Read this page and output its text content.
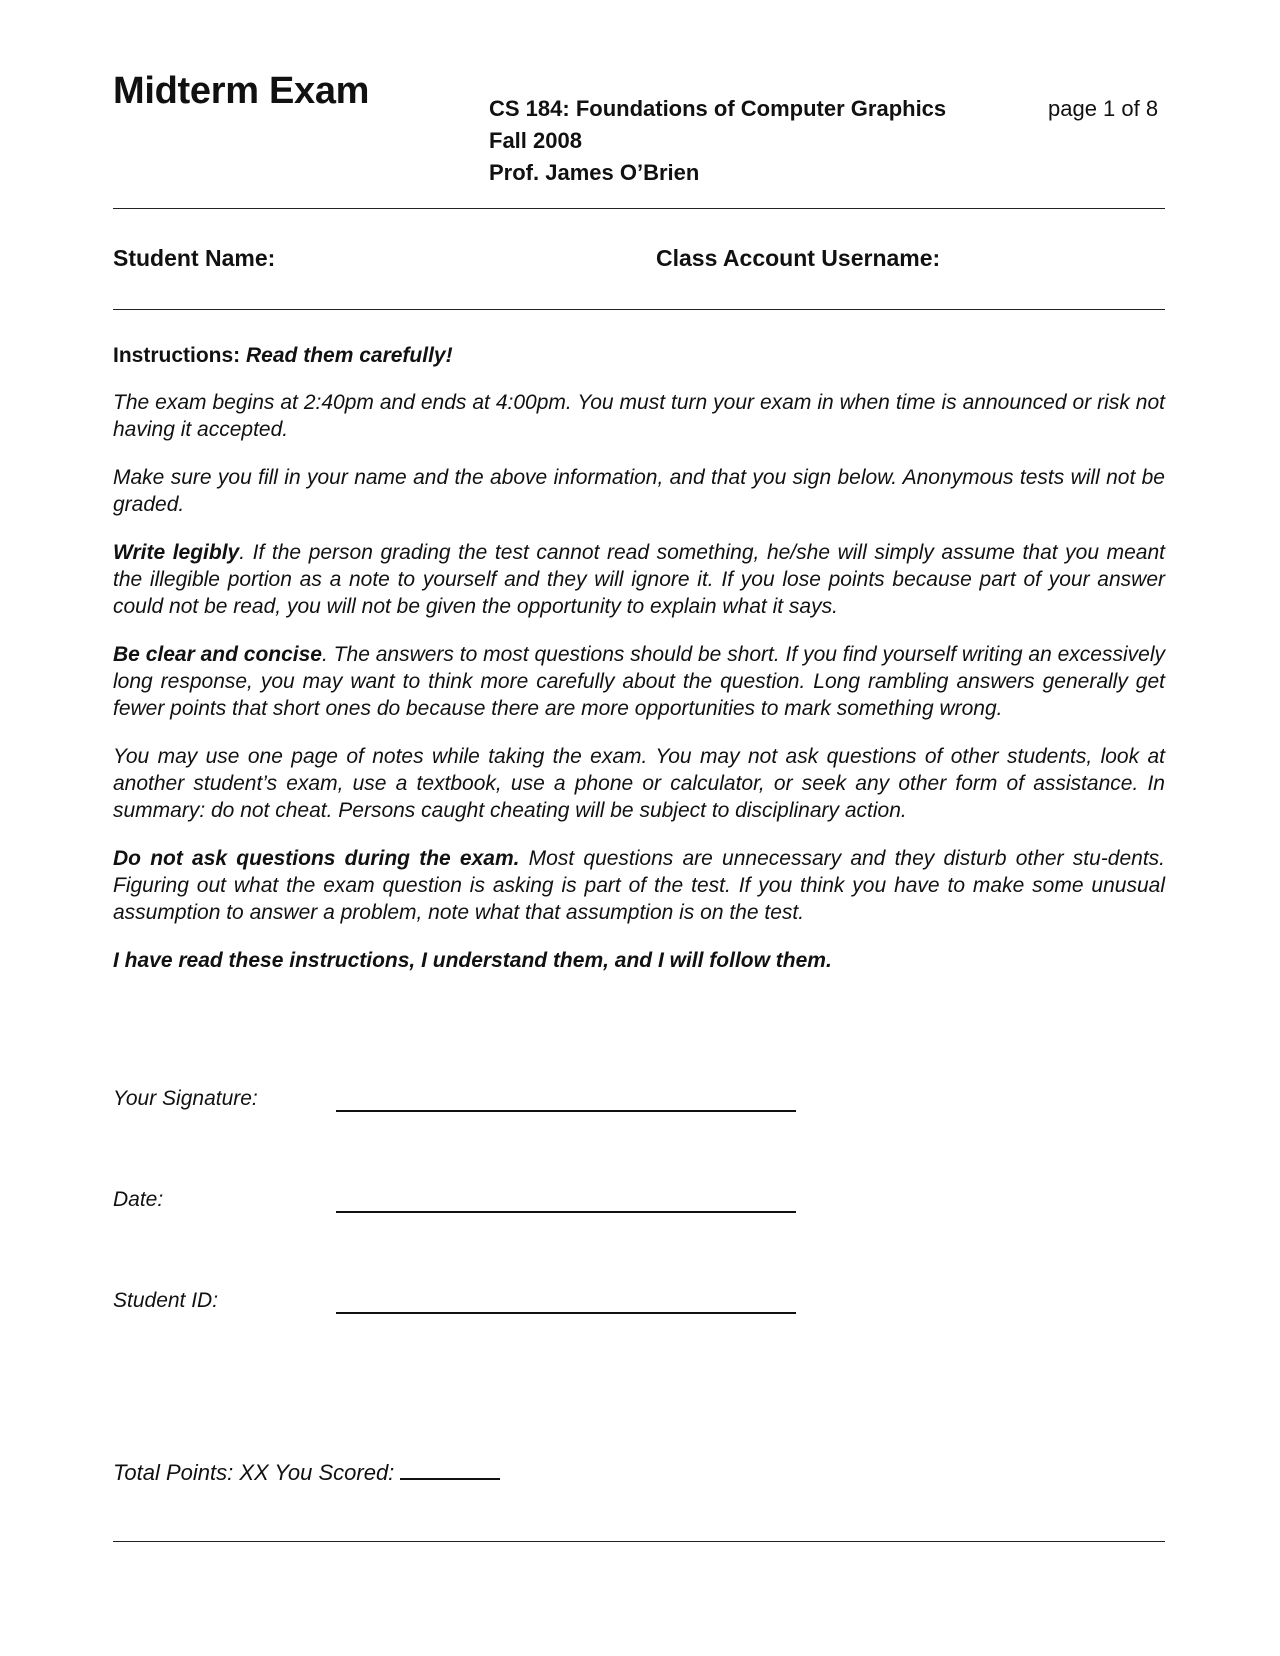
Midterm Exam	CS 184: Foundations of Computer Graphics
Fall 2008
Prof. James O’Brien
page 1 of 8
Student Name:	Class Account Username:

Instructions: Read them carefully!

The exam begins at 2:40pm and ends at 4:00pm. You must turn your exam in when time is announced or risk not having it accepted.

Make sure you fill in your name and the above information, and that you sign below. Anonymous tests will not be graded.

Write legibly. If the person grading the test cannot read something, he/she will simply assume that you meant the illegible portion as a note to yourself and they will ignore it. If you lose points because part of your answer could not be read, you will not be given the opportunity to explain what it says.

Be clear and concise. The answers to most questions should be short. If you find yourself writing an excessively long response, you may want to think more carefully about the question. Long rambling answers generally get fewer points that short ones do because there are more opportunities to mark something wrong.

You may use one page of notes while taking the exam. You may not ask questions of other students, look at another student’s exam, use a textbook, use a phone or calculator, or seek any other form of assistance. In summary: do not cheat. Persons caught cheating will be subject to disciplinary action.

Do not ask questions during the exam. Most questions are unnecessary and they disturb other stu-dents. Figuring out what the exam question is asking is part of the test. If you think you have to make some unusual assumption to answer a problem, note what that assumption is on the test.

I have read these instructions, I understand them, and I will follow them.

Your Signature:
Date:
Student ID:
Total Points: XX You Scored:
